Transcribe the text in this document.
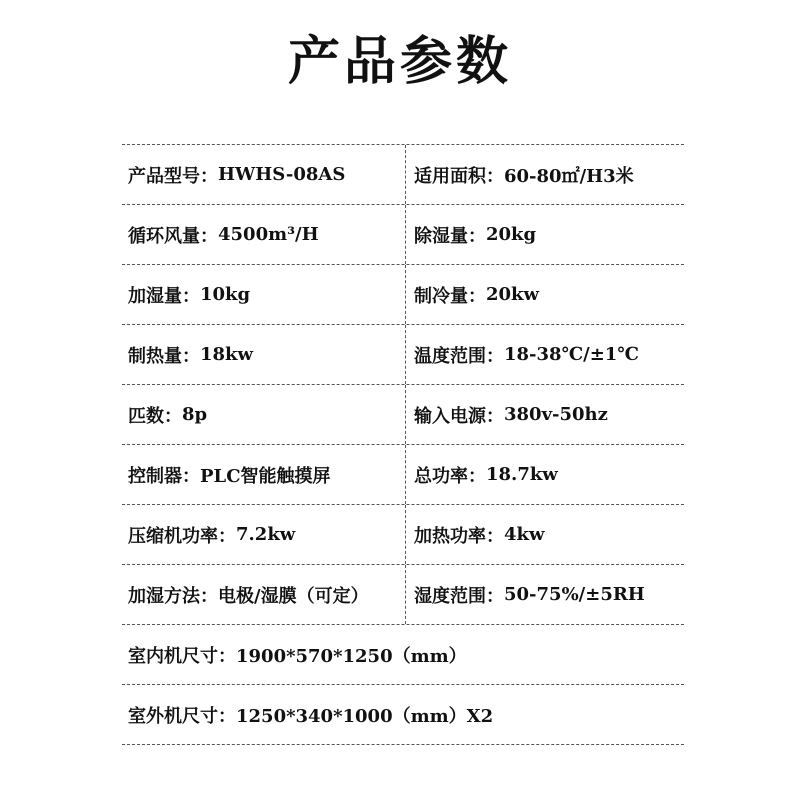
产品参数
产品型号： HWHS-08AS	适用面积： 60-80㎡/H3米
循环风量： 4500m³/H	除湿量： 20kg
加湿量： 10kg	制冷量： 20kw
制热量： 18kw	温度范围： 18-38℃/±1℃
匹数： 8p	输入电源： 380v-50hz
控制器： PLC智能触摸屏	总功率： 18.7kw
压缩机功率： 7.2kw	加热功率： 4kw
加湿方法： 电极/湿膜（可定）	湿度范围： 50-75%/±5RH
室内机尺寸： 1900*570*1250（mm）
室外机尺寸： 1250*340*1000（mm）X2
